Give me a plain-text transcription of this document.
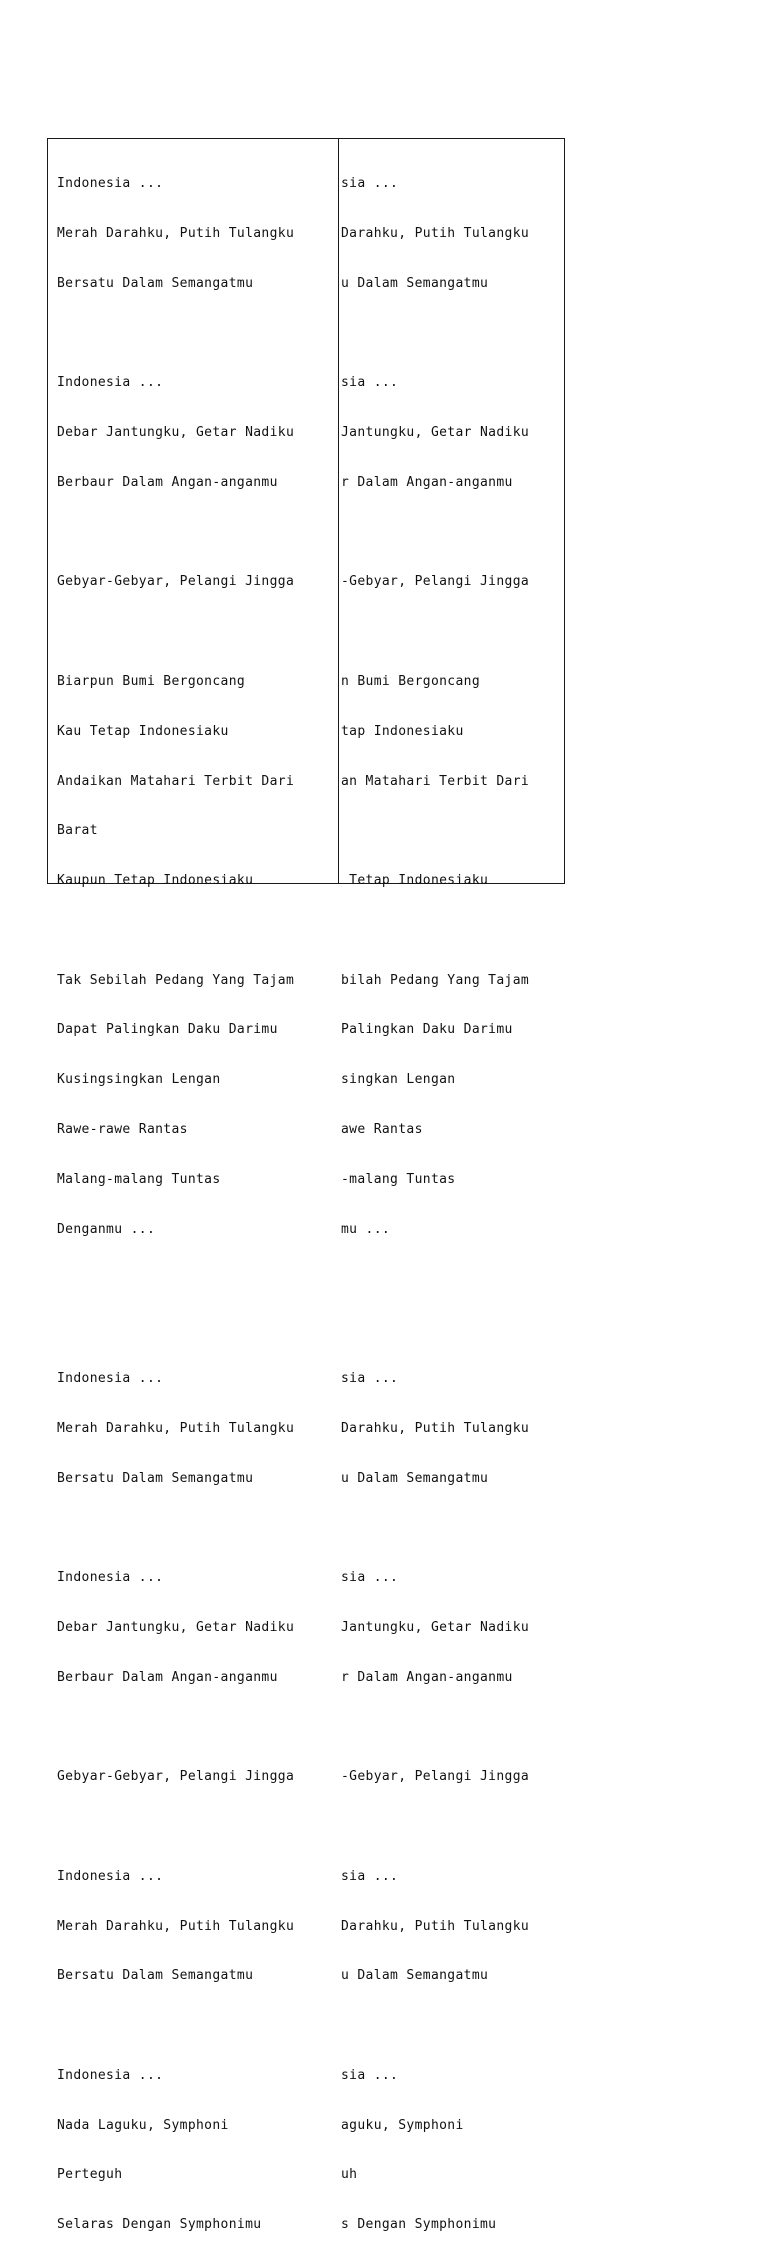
Indonesia ...

Merah Darahku, Putih Tulangku

Bersatu Dalam Semangatmu

Indonesia ...

Debar Jantungku, Getar Nadiku

Berbaur Dalam Angan-anganmu

Gebyar-Gebyar, Pelangi Jingga

Biarpun Bumi Bergoncang

Kau Tetap Indonesiaku

Andaikan Matahari Terbit Dari

Barat

Kaupun Tetap Indonesiaku

Tak Sebilah Pedang Yang Tajam

Dapat Palingkan Daku Darimu

Kusingsingkan Lengan

Rawe-rawe Rantas

Malang-malang Tuntas

Denganmu ...

Indonesia ...

Merah Darahku, Putih Tulangku

Bersatu Dalam Semangatmu

Indonesia ...

Debar Jantungku, Getar Nadiku

Berbaur Dalam Angan-anganmu

Gebyar-Gebyar, Pelangi Jingga

Indonesia ...

Merah Darahku, Putih Tulangku

Bersatu Dalam Semangatmu

Indonesia ...

Nada Laguku, Symphoni

Perteguh

Selaras Dengan Symphonimu

sia ...

Darahku, Putih Tulangku

u Dalam Semangatmu

sia ...

Jantungku, Getar Nadiku

r Dalam Angan-anganmu

-Gebyar, Pelangi Jingga

n Bumi Bergoncang

tap Indonesiaku

an Matahari Terbit Dari

Tetap Indonesiaku

bilah Pedang Yang Tajam

Palingkan Daku Darimu

singkan Lengan

awe Rantas

-malang Tuntas

mu ...

sia ...

Darahku, Putih Tulangku

u Dalam Semangatmu

sia ...

Jantungku, Getar Nadiku

r Dalam Angan-anganmu

-Gebyar, Pelangi Jingga

sia ...

Darahku, Putih Tulangku

u Dalam Semangatmu

sia ...

aguku, Symphoni

uh

s Dengan Symphonimu
